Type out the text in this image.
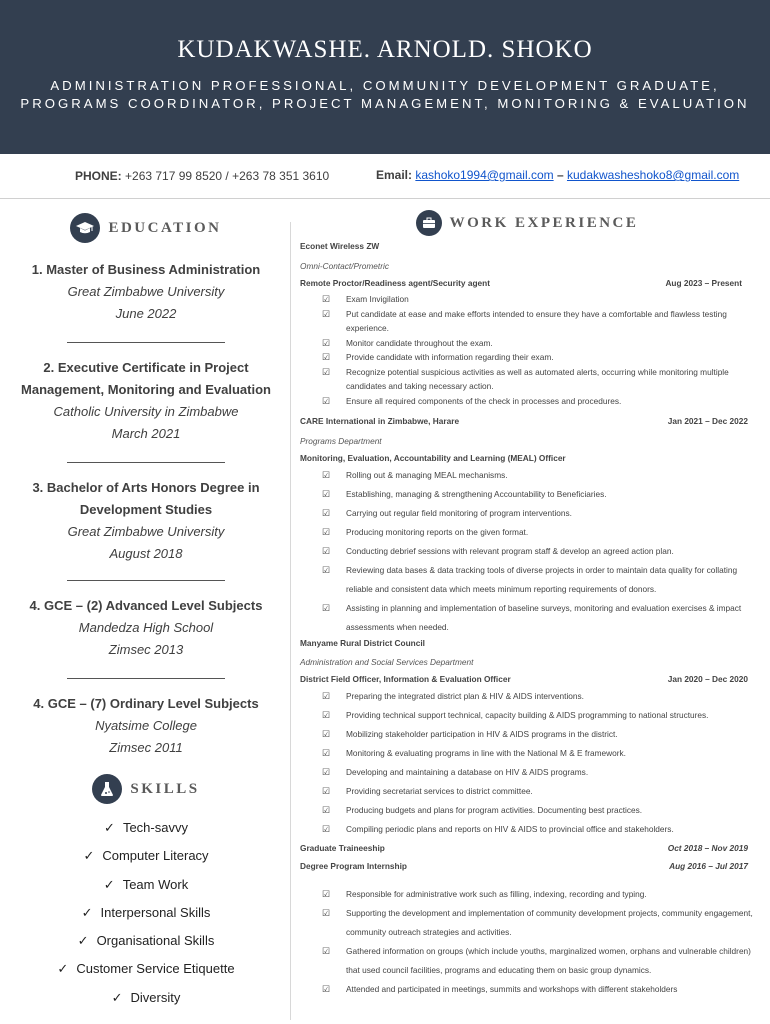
KUDAKWASHE. ARNOLD. SHOKO
ADMINISTRATION PROFESSIONAL, COMMUNITY DEVELOPMENT GRADUATE, PROGRAMS COORDINATOR, PROJECT MANAGEMENT, MONITORING & EVALUATION
PHONE: +263 717 99 8520 / +263 78 351 3610	Email: kashoko1994@gmail.com – kudakwasheshoko8@gmail.com
EDUCATION
1. Master of Business Administration
Great Zimbabwe University
June 2022
2. Executive Certificate in Project
Management, Monitoring and Evaluation
Catholic University in Zimbabwe
March 2021
3. Bachelor of Arts Honors Degree in
Development Studies
Great Zimbabwe University
August 2018
4. GCE – (2) Advanced Level Subjects
Mandedza High School
Zimsec 2013
4. GCE – (7) Ordinary Level Subjects
Nyatsime College
Zimsec 2011
SKILLS
✓ Tech-savvy
✓ Computer Literacy
✓ Team Work
✓ Interpersonal Skills
✓ Organisational Skills
✓ Customer Service Etiquette
✓ Diversity
WORK EXPERIENCE
Econet Wireless ZW
Omni-Contact/Prometric
Remote Proctor/Readiness agent/Security agent	Aug 2023 – Present
☑	Exam Invigilation
☑	Put candidate at ease and make efforts intended to ensure they have a comfortable and flawless testing experience.
☑	Monitor candidate throughout the exam.
☑	Provide candidate with information regarding their exam.
☑	Recognize potential suspicious activities as well as automated alerts, occurring while monitoring multiple candidates and taking necessary action.
☑	Ensure all required components of the check in processes and procedures.
CARE International in Zimbabwe, Harare	Jan 2021 – Dec 2022
Programs Department
Monitoring, Evaluation, Accountability and Learning (MEAL) Officer
☑	Rolling out & managing MEAL mechanisms.
☑	Establishing, managing & strengthening Accountability to Beneficiaries.
☑	Carrying out regular field monitoring of program interventions.
☑	Producing monitoring reports on the given format.
☑	Conducting debrief sessions with relevant program staff & develop an agreed action plan.
☑	Reviewing data bases & data tracking tools of diverse projects in order to maintain data quality for collating reliable and consistent data which meets minimum reporting requirements of donors.
☑	Assisting in planning and implementation of baseline surveys, monitoring and evaluation exercises & impact assessments when needed.
Manyame Rural District Council
Administration and Social Services Department
District Field Officer, Information & Evaluation Officer	Jan 2020 – Dec 2020
☑	Preparing the integrated district plan & HIV & AIDS interventions.
☑	Providing technical support technical, capacity building & AIDS programming to national structures.
☑	Mobilizing stakeholder participation in HIV & AIDS programs in the district.
☑	Monitoring & evaluating programs in line with the National M & E framework.
☑	Developing and maintaining a database on HIV & AIDS programs.
☑	Providing secretariat services to district committee.
☑	Producing budgets and plans for program activities. Documenting best practices.
☑	Compiling periodic plans and reports on HIV & AIDS to provincial office and stakeholders.
Graduate Traineeship	Oct 2018 – Nov 2019
Degree Program Internship	Aug 2016 – Jul 2017
☑	Responsible for administrative work such as filling, indexing, recording and typing.
☑	Supporting the development and implementation of community development projects, community engagement, community outreach strategies and activities.
☑	Gathered information on groups (which include youths, marginalized women, orphans and vulnerable children) that used council facilities, programs and educating them on basic group dynamics.
☑	Attended and participated in meetings, summits and workshops with different stakeholders
